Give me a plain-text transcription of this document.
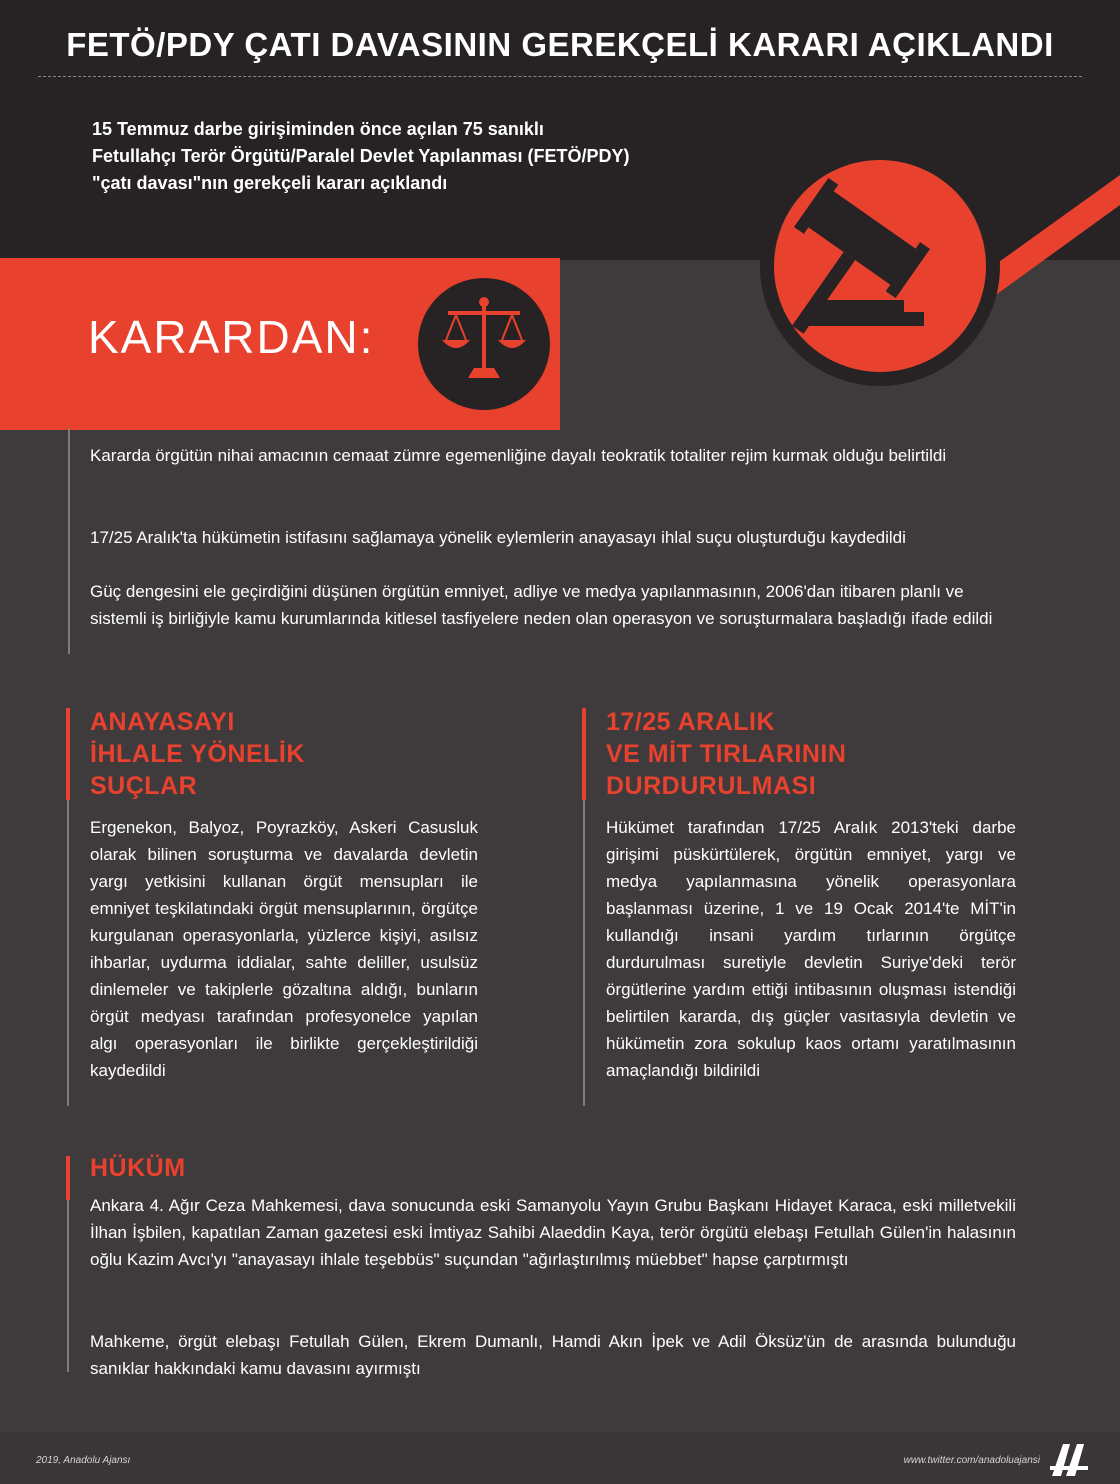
FETÖ/PDY ÇATI DAVASININ GEREKÇELİ KARARI AÇIKLANDI
15 Temmuz darbe girişiminden önce açılan 75 sanıklı
Fetullahçı Terör Örgütü/Paralel Devlet Yapılanması (FETÖ/PDY)
"çatı davası"nın gerekçeli kararı açıklandı
KARARDAN:
Kararda örgütün nihai amacının cemaat zümre egemenliğine dayalı teokratik totaliter rejim kurmak olduğu belirtildi
17/25 Aralık'ta hükümetin istifasını sağlamaya yönelik eylemlerin anayasayı ihlal suçu oluşturduğu kaydedildi
Güç dengesini ele geçirdiğini düşünen örgütün emniyet, adliye ve medya yapılanmasının, 2006'dan itibaren planlı ve sistemli iş birliğiyle kamu kurumlarında kitlesel tasfiyelere neden olan operasyon ve soruşturmalara başladığı ifade edildi
ANAYASAYI
İHLALE YÖNELİK
SUÇLAR
Ergenekon, Balyoz, Poyrazköy, Askeri Casusluk olarak bilinen soruşturma ve davalarda devletin yargı yetkisini kullanan örgüt mensupları ile emniyet teşkilatındaki örgüt mensuplarının, örgütçe kurgulanan operasyonlarla, yüzlerce kişiyi, asılsız ihbarlar, uydurma iddialar, sahte deliller, usulsüz dinlemeler ve takiplerle gözaltına aldığı, bunların örgüt medyası tarafından profesyonelce yapılan algı operasyonları ile birlikte gerçekleştirildiği kaydedildi
17/25 ARALIK
VE MİT TIRLARININ
DURDURULMASI
Hükümet tarafından 17/25 Aralık 2013'teki darbe girişimi püskürtülerek, örgütün emniyet, yargı ve medya yapılanmasına yönelik operasyonlara başlanması üzerine, 1 ve 19 Ocak 2014'te MİT'in kullandığı insani yardım tırlarının örgütçe durdurulması suretiyle devletin Suriye'deki terör örgütlerine yardım ettiği intibasının oluşması istendiği belirtilen kararda, dış güçler vasıtasıyla devletin ve hükümetin zora sokulup kaos ortamı yaratılmasının amaçlandığı bildirildi
HÜKÜM
Ankara 4. Ağır Ceza Mahkemesi, dava sonucunda eski Samanyolu Yayın Grubu Başkanı Hidayet Karaca, eski milletvekili İlhan İşbilen, kapatılan Zaman gazetesi eski İmtiyaz Sahibi Alaeddin Kaya, terör örgütü elebaşı Fetullah Gülen'in halasının oğlu Kazim Avcı'yı "anayasayı ihlale teşebbüs" suçundan "ağırlaştırılmış müebbet" hapse çarptırmıştı
Mahkeme, örgüt elebaşı Fetullah Gülen, Ekrem Dumanlı, Hamdi Akın İpek ve Adil Öksüz'ün de arasında bulunduğu sanıklar hakkındaki kamu davasını ayırmıştı
2019, Anadolu Ajansı	www.twitter.com/anadoluajansi
